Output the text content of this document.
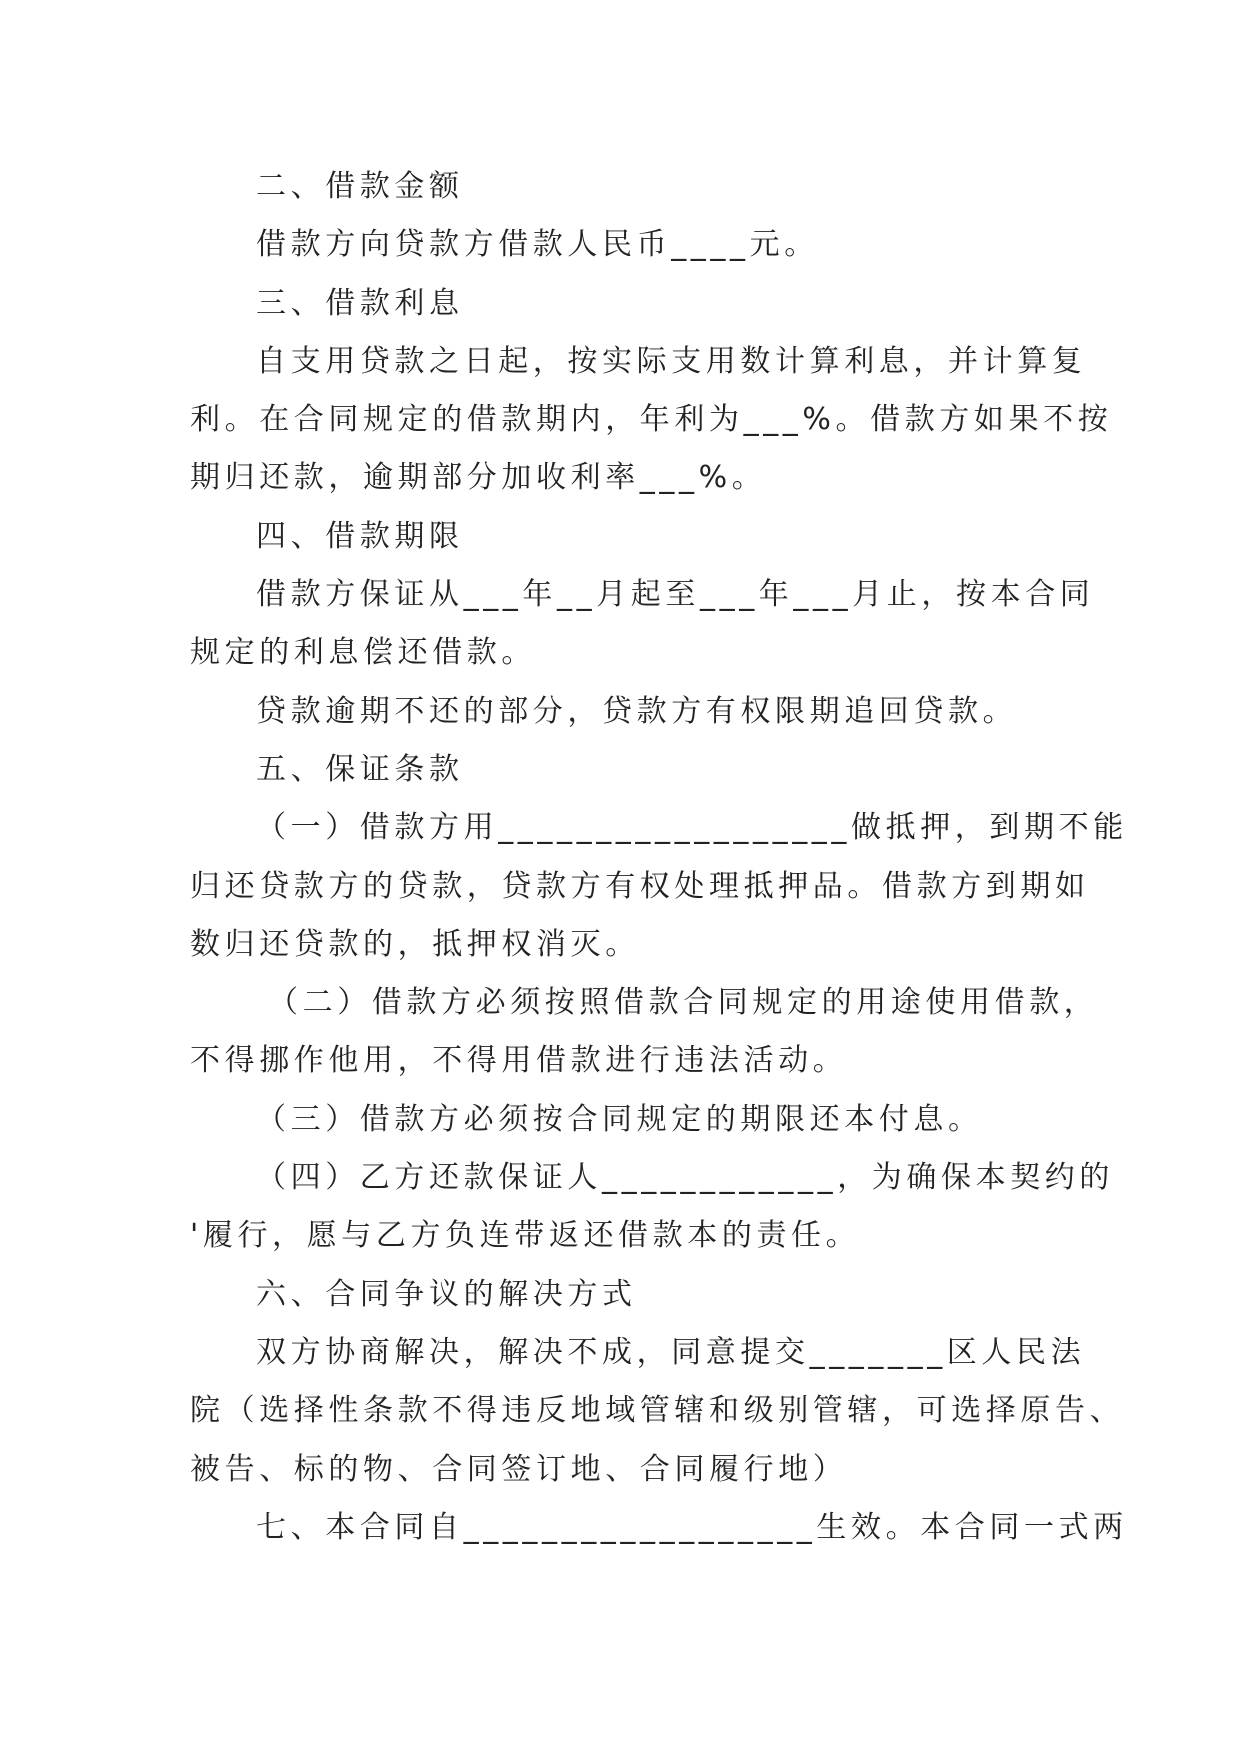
二、借款金额
借款方向贷款方借款人民币____元。
三、借款利息
自支用贷款之日起，按实际支用数计算利息，并计算复
利。在合同规定的借款期内，年利为___%。借款方如果不按
期归还款，逾期部分加收利率___%。
四、借款期限
借款方保证从___年__月起至___年___月止，按本合同
规定的利息偿还借款。
贷款逾期不还的部分，贷款方有权限期追回贷款。
五、保证条款
（一）借款方用__________________做抵押，到期不能
归还贷款方的贷款，贷款方有权处理抵押品。借款方到期如
数归还贷款的，抵押权消灭。
（二）借款方必须按照借款合同规定的用途使用借款，
不得挪作他用，不得用借款进行违法活动。
（三）借款方必须按合同规定的期限还本付息。
（四）乙方还款保证人____________，为确保本契约的
'履行，愿与乙方负连带返还借款本的责任。
六、合同争议的解决方式
双方协商解决，解决不成，同意提交_______区人民法
院（选择性条款不得违反地域管辖和级别管辖，可选择原告、
被告、标的物、合同签订地、合同履行地）
七、本合同自__________________生效。本合同一式两
